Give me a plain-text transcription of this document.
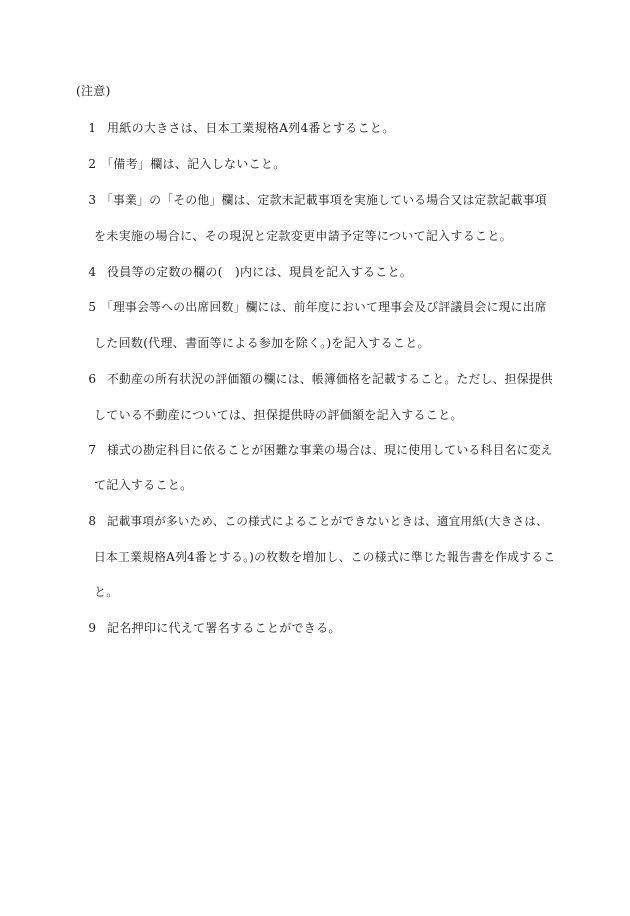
(注意)
1 用紙の大きさは、日本工業規格A列4番とすること。
2 「備考」欄は、記入しないこと。
3 「事業」の「その他」欄は、定款未記載事項を実施している場合又は定款記載事項
を未実施の場合に、その現況と定款変更申請予定等について記入すること。
4 役員等の定数の欄の(　)内には、現員を記入すること。
5 「理事会等への出席回数」欄には、前年度において理事会及び評議員会に現に出席
した回数(代理、書面等による参加を除く。)を記入すること。
6 不動産の所有状況の評価額の欄には、帳簿価格を記載すること。ただし、担保提供
している不動産については、担保提供時の評価額を記入すること。
7 様式の勘定科目に依ることが困難な事業の場合は、現に使用している科目名に変え
て記入すること。
8 記載事項が多いため、この様式によることができないときは、適宜用紙(大きさは、
日本工業規格A列4番とする。)の枚数を増加し、この様式に準じた報告書を作成するこ
と。
9 記名押印に代えて署名することができる。
